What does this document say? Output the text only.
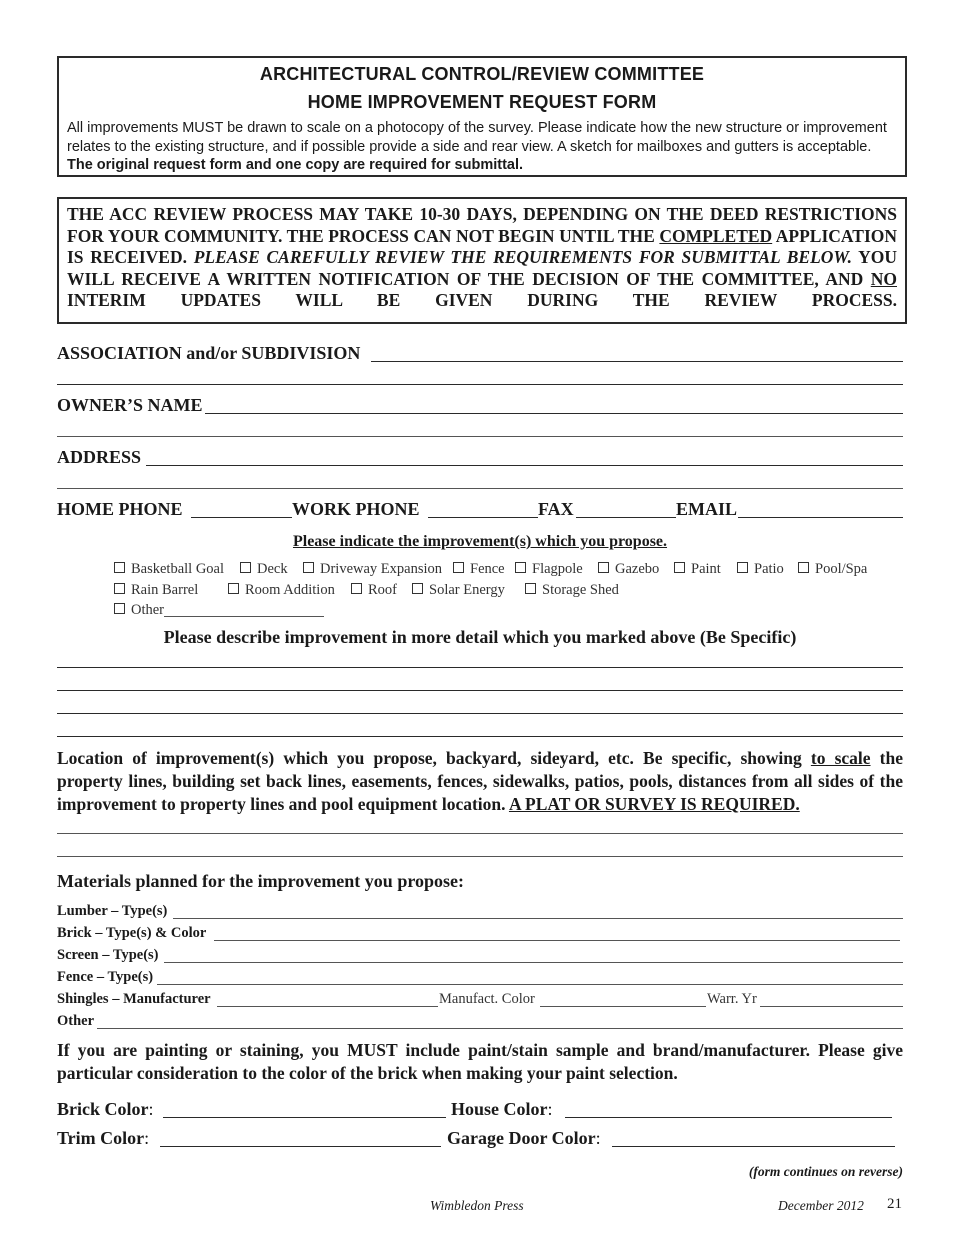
ARCHITECTURAL CONTROL/REVIEW COMMITTEE
HOME IMPROVEMENT REQUEST FORM
All improvements MUST be drawn to scale on a photocopy of the survey. Please indicate how the new structure or improvement relates to the existing structure, and if possible provide a side and rear view. A sketch for mailboxes and gutters is acceptable. The original request form and one copy are required for submittal.
THE ACC REVIEW PROCESS MAY TAKE 10-30 DAYS, DEPENDING ON THE DEED RESTRICTIONS FOR YOUR COMMUNITY. THE PROCESS CAN NOT BEGIN UNTIL THE COMPLETED APPLICATION IS RECEIVED. PLEASE CAREFULLY REVIEW THE REQUIREMENTS FOR SUBMITTAL BELOW. YOU WILL RECEIVE A WRITTEN NOTIFICATION OF THE DECISION OF THE COMMITTEE, AND NO INTERIM UPDATES WILL BE GIVEN DURING THE REVIEW PROCESS.
ASSOCIATION and/or SUBDIVISION
OWNER’S NAME
ADDRESS
HOME PHONE	WORK PHONE	FAX	EMAIL
Please indicate the improvement(s) which you propose.
Basketball Goal	Deck	Driveway Expansion	Fence	Flagpole	Gazebo	Paint	Patio	Pool/Spa
Rain Barrel	Room Addition	Roof	Solar Energy	Storage Shed
Other
Please describe improvement in more detail which you marked above (Be Specific)
Location of improvement(s) which you propose, backyard, sideyard, etc. Be specific, showing to scale the property lines, building set back lines, easements, fences, sidewalks, patios, pools, distances from all sides of the improvement to property lines and pool equipment location. A PLAT OR SURVEY IS REQUIRED.
Materials planned for the improvement you propose:
Lumber – Type(s)
Brick – Type(s) & Color
Screen – Type(s)
Fence – Type(s)
Shingles – Manufacturer	Manufact. Color	Warr. Yr
Other
If you are painting or staining, you MUST include paint/stain sample and brand/manufacturer. Please give particular consideration to the color of the brick when making your paint selection.
Brick Color:	House Color:
Trim Color:	Garage Door Color:
(form continues on reverse)
Wimbledon Press	December 2012 21
